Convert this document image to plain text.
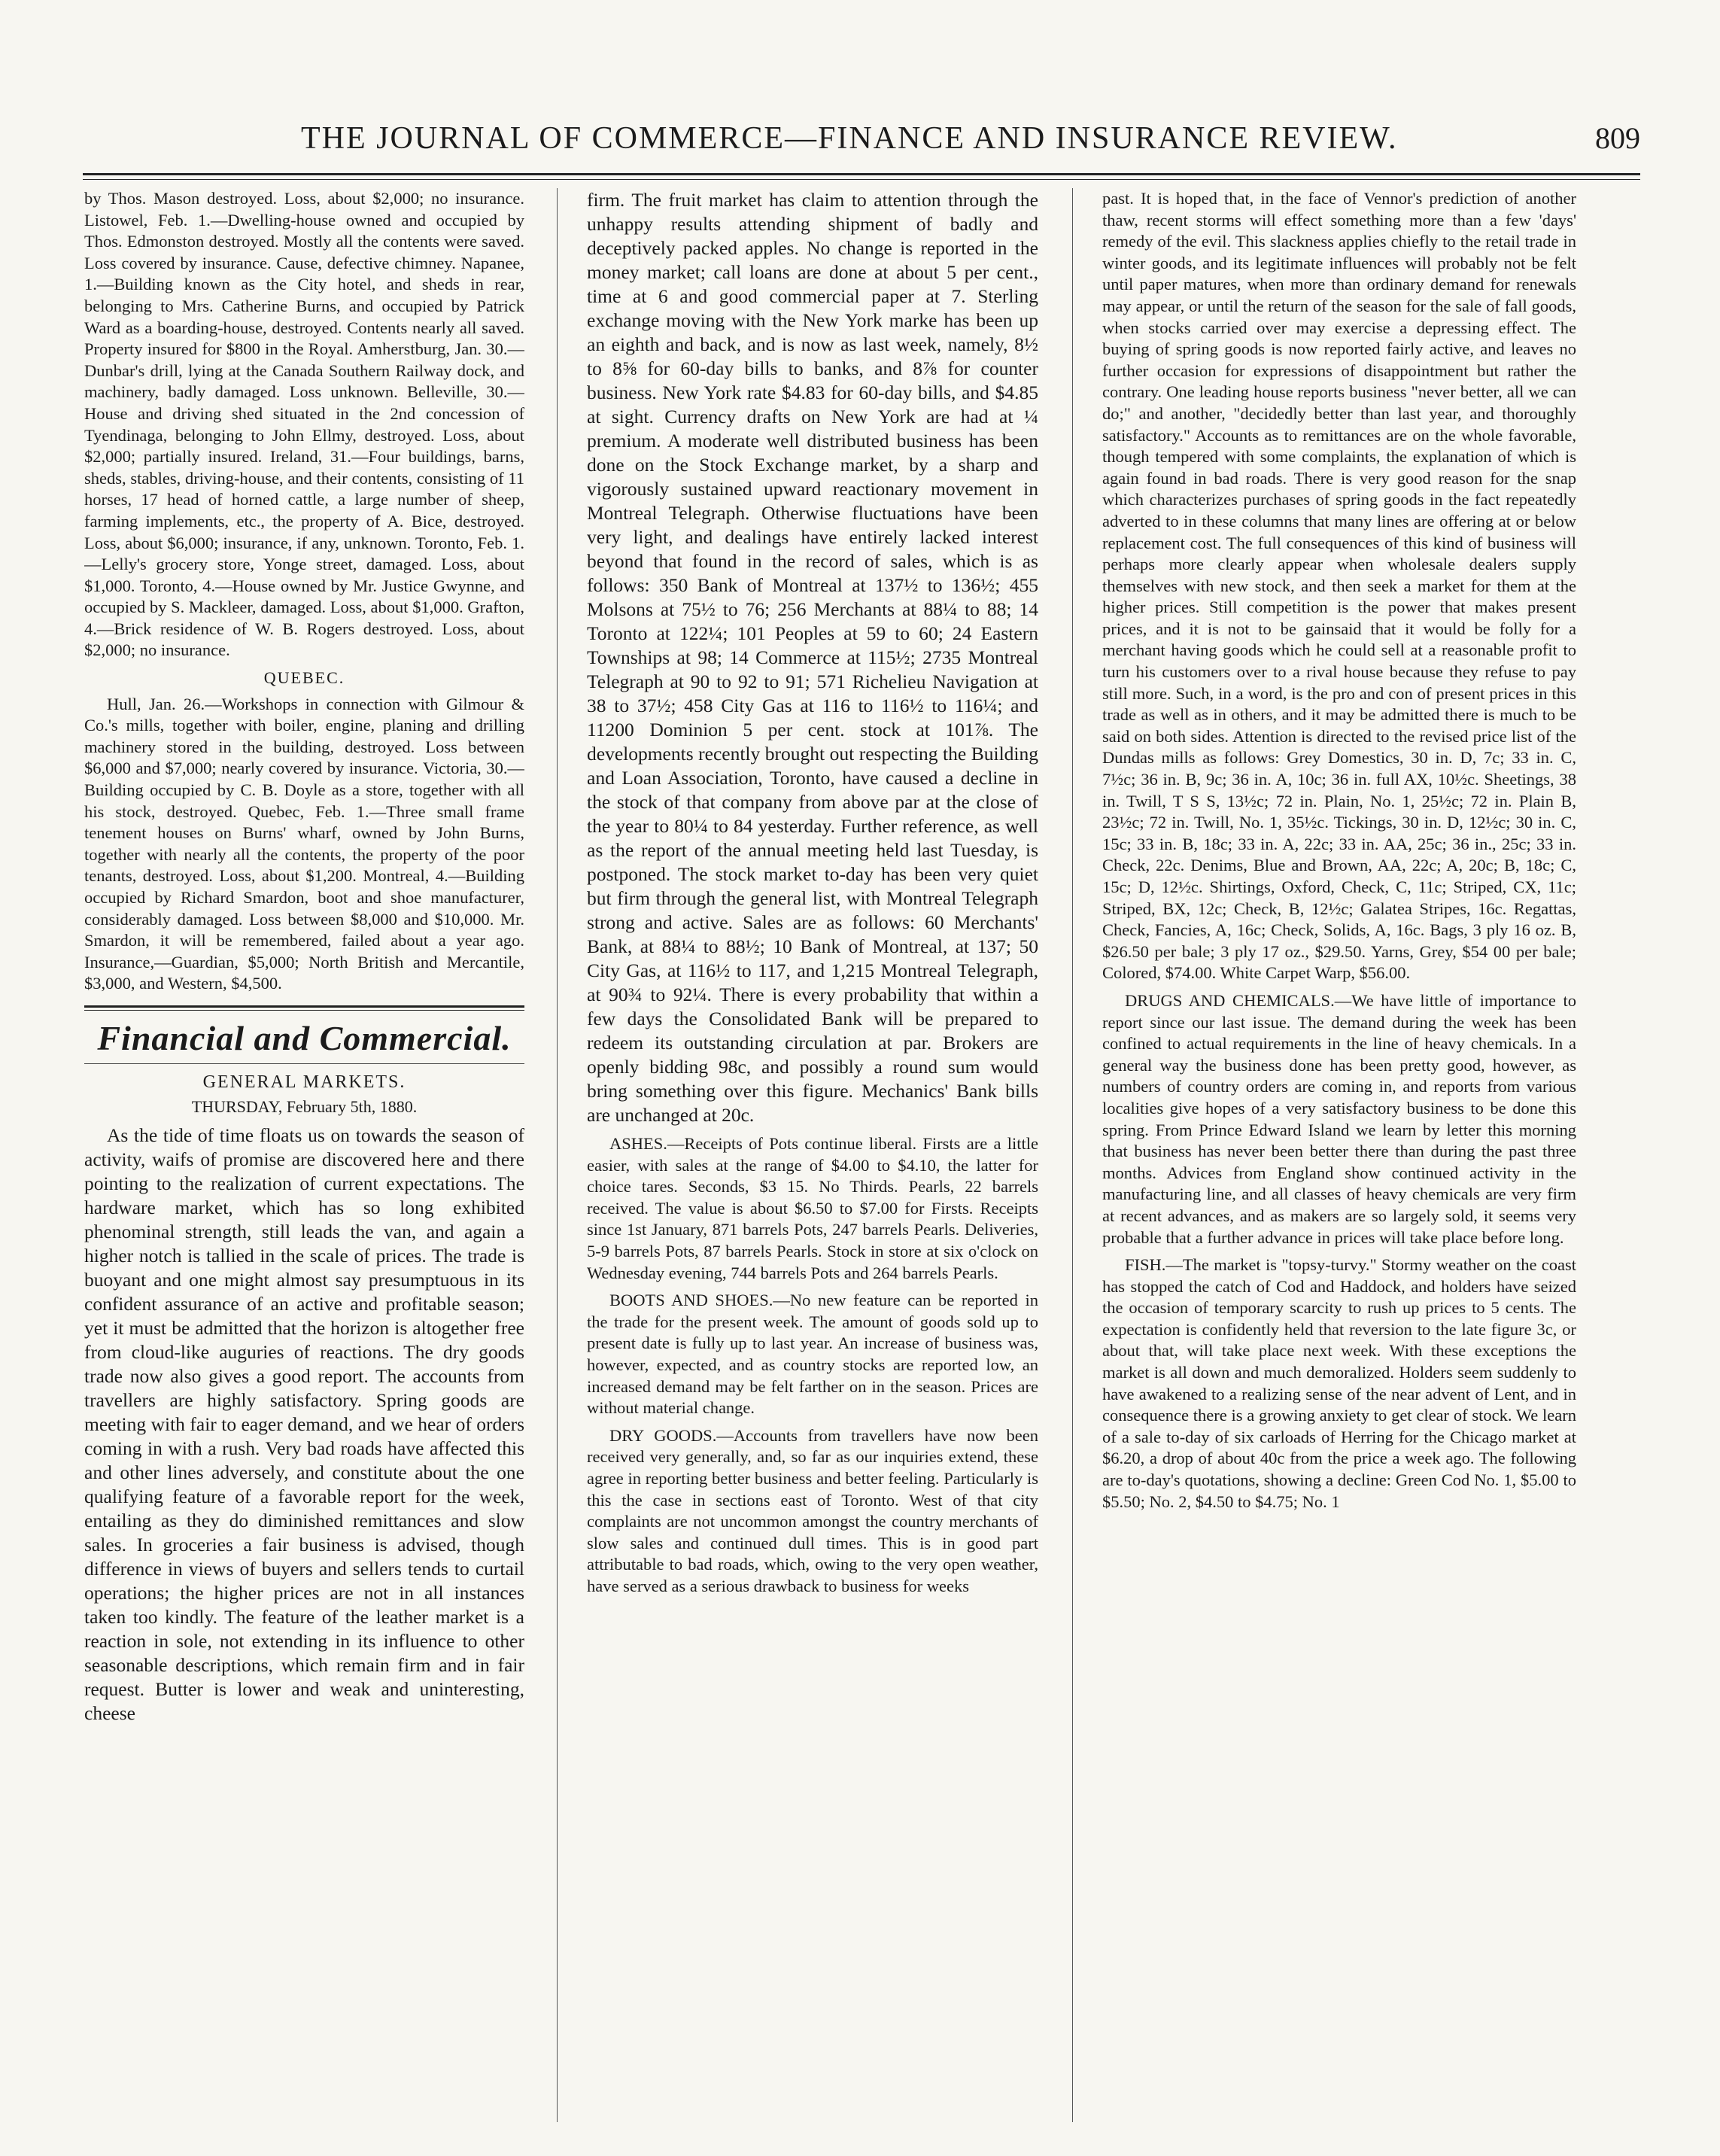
THE JOURNAL OF COMMERCE—FINANCE AND INSURANCE REVIEW.	809

by Thos. Mason destroyed. Loss, about $2,000; no insurance. Listowel, Feb. 1.—Dwelling-house owned and occupied by Thos. Edmonston destroyed. Mostly all the contents were saved. Loss covered by insurance. Cause, defective chimney. Napanee, 1.—Building known as the City hotel, and sheds in rear, belonging to Mrs. Catherine Burns, and occupied by Patrick Ward as a boarding-house, destroyed. Contents nearly all saved. Property insured for $800 in the Royal. Amherstburg, Jan. 30.—Dunbar's drill, lying at the Canada Southern Railway dock, and machinery, badly damaged. Loss unknown. Belleville, 30.—House and driving shed situated in the 2nd concession of Tyendinaga, belonging to John Ellmy, destroyed. Loss, about $2,000; partially insured. Ireland, 31.—Four buildings, barns, sheds, stables, driving-house, and their contents, consisting of 11 horses, 17 head of horned cattle, a large number of sheep, farming implements, etc., the property of A. Bice, destroyed. Loss, about $6,000; insurance, if any, unknown. Toronto, Feb. 1.—Lelly's grocery store, Yonge street, damaged. Loss, about $1,000. Toronto, 4.—House owned by Mr. Justice Gwynne, and occupied by S. Mackleer, damaged. Loss, about $1,000. Grafton, 4.—Brick residence of W. B. Rogers destroyed. Loss, about $2,000; no insurance.

QUEBEC.

Hull, Jan. 26.—Workshops in connection with Gilmour & Co.'s mills, together with boiler, engine, planing and drilling machinery stored in the building, destroyed. Loss between $6,000 and $7,000; nearly covered by insurance. Victoria, 30.—Building occupied by C. B. Doyle as a store, together with all his stock, destroyed. Quebec, Feb. 1.—Three small frame tenement houses on Burns' wharf, owned by John Burns, together with nearly all the contents, the property of the poor tenants, destroyed. Loss, about $1,200. Montreal, 4.—Building occupied by Richard Smardon, boot and shoe manufacturer, considerably damaged. Loss between $8,000 and $10,000. Mr. Smardon, it will be remembered, failed about a year ago. Insurance,—Guardian, $5,000; North British and Mercantile, $3,000, and Western, $4,500.

Financial and Commercial.
GENERAL MARKETS.
THURSDAY, February 5th, 1880.

As the tide of time floats us on towards the season of activity, waifs of promise are discovered here and there pointing to the realization of current expectations. The hardware market, which has so long exhibited phenominal strength, still leads the van, and again a higher notch is tallied in the scale of prices. The trade is buoyant and one might almost say presumptuous in its confident assurance of an active and profitable season; yet it must be admitted that the horizon is altogether free from cloud-like auguries of reactions. The dry goods trade now also gives a good report. The accounts from travellers are highly satisfactory. Spring goods are meeting with fair to eager demand, and we hear of orders coming in with a rush. Very bad roads have affected this and other lines adversely, and constitute about the one qualifying feature of a favorable report for the week, entailing as they do diminished remittances and slow sales. In groceries a fair business is advised, though difference in views of buyers and sellers tends to curtail operations; the higher prices are not in all instances taken too kindly. The feature of the leather market is a reaction in sole, not extending in its influence to other seasonable descriptions, which remain firm and in fair request. Butter is lower and weak and uninteresting, cheese

firm. The fruit market has claim to attention through the unhappy results attending shipment of badly and deceptively packed apples. No change is reported in the money market; call loans are done at about 5 per cent., time at 6 and good commercial paper at 7. Sterling exchange moving with the New York marke has been up an eighth and back, and is now as last week, namely, 8½ to 8⅝ for 60-day bills to banks, and 8⅞ for counter business. New York rate $4.83 for 60-day bills, and $4.85 at sight. Currency drafts on New York are had at ¼ premium. A moderate well distributed business has been done on the Stock Exchange market, by a sharp and vigorously sustained upward reactionary movement in Montreal Telegraph. Otherwise fluctuations have been very light, and dealings have entirely lacked interest beyond that found in the record of sales, which is as follows: 350 Bank of Montreal at 137½ to 136½; 455 Molsons at 75½ to 76; 256 Merchants at 88¼ to 88; 14 Toronto at 122¼; 101 Peoples at 59 to 60; 24 Eastern Townships at 98; 14 Commerce at 115½; 2735 Montreal Telegraph at 90 to 92 to 91; 571 Richelieu Navigation at 38 to 37½; 458 City Gas at 116 to 116½ to 116¼; and 11200 Dominion 5 per cent. stock at 101⅞. The developments recently brought out respecting the Building and Loan Association, Toronto, have caused a decline in the stock of that company from above par at the close of the year to 80¼ to 84 yesterday. Further reference, as well as the report of the annual meeting held last Tuesday, is postponed. The stock market to-day has been very quiet but firm through the general list, with Montreal Telegraph strong and active. Sales are as follows: 60 Merchants' Bank, at 88¼ to 88½; 10 Bank of Montreal, at 137; 50 City Gas, at 116½ to 117, and 1,215 Montreal Telegraph, at 90¾ to 92¼. There is every probability that within a few days the Consolidated Bank will be prepared to redeem its outstanding circulation at par. Brokers are openly bidding 98c, and possibly a round sum would bring something over this figure. Mechanics' Bank bills are unchanged at 20c.

ASHES.—Receipts of Pots continue liberal. Firsts are a little easier, with sales at the range of $4.00 to $4.10, the latter for choice tares. Seconds, $3 15. No Thirds. Pearls, 22 barrels received. The value is about $6.50 to $7.00 for Firsts. Receipts since 1st January, 871 barrels Pots, 247 barrels Pearls. Deliveries, 5-9 barrels Pots, 87 barrels Pearls. Stock in store at six o'clock on Wednesday evening, 744 barrels Pots and 264 barrels Pearls.

BOOTS AND SHOES.—No new feature can be reported in the trade for the present week. The amount of goods sold up to present date is fully up to last year. An increase of business was, however, expected, and as country stocks are reported low, an increased demand may be felt farther on in the season. Prices are without material change.

DRY GOODS.—Accounts from travellers have now been received very generally, and, so far as our inquiries extend, these agree in reporting better business and better feeling. Particularly is this the case in sections east of Toronto. West of that city complaints are not uncommon amongst the country merchants of slow sales and continued dull times. This is in good part attributable to bad roads, which, owing to the very open weather, have served as a serious drawback to business for weeks

past. It is hoped that, in the face of Vennor's prediction of another thaw, recent storms will effect something more than a few 'days' remedy of the evil. This slackness applies chiefly to the retail trade in winter goods, and its legitimate influences will probably not be felt until paper matures, when more than ordinary demand for renewals may appear, or until the return of the season for the sale of fall goods, when stocks carried over may exercise a depressing effect. The buying of spring goods is now reported fairly active, and leaves no further occasion for expressions of disappointment but rather the contrary. One leading house reports business "never better, all we can do;" and another, "decidedly better than last year, and thoroughly satisfactory." Accounts as to remittances are on the whole favorable, though tempered with some complaints, the explanation of which is again found in bad roads. There is very good reason for the snap which characterizes purchases of spring goods in the fact repeatedly adverted to in these columns that many lines are offering at or below replacement cost. The full consequences of this kind of business will perhaps more clearly appear when wholesale dealers supply themselves with new stock, and then seek a market for them at the higher prices. Still competition is the power that makes present prices, and it is not to be gainsaid that it would be folly for a merchant having goods which he could sell at a reasonable profit to turn his customers over to a rival house because they refuse to pay still more. Such, in a word, is the pro and con of present prices in this trade as well as in others, and it may be admitted there is much to be said on both sides. Attention is directed to the revised price list of the Dundas mills as follows: Grey Domestics, 30 in. D, 7c; 33 in. C, 7½c; 36 in. B, 9c; 36 in. A, 10c; 36 in. full AX, 10½c. Sheetings, 38 in. Twill, T S S, 13½c; 72 in. Plain, No. 1, 25½c; 72 in. Plain B, 23½c; 72 in. Twill, No. 1, 35½c. Tickings, 30 in. D, 12½c; 30 in. C, 15c; 33 in. B, 18c; 33 in. A, 22c; 33 in. AA, 25c; 36 in., 25c; 33 in. Check, 22c. Denims, Blue and Brown, AA, 22c; A, 20c; B, 18c; C, 15c; D, 12½c. Shirtings, Oxford, Check, C, 11c; Striped, CX, 11c; Striped, BX, 12c; Check, B, 12½c; Galatea Stripes, 16c. Regattas, Check, Fancies, A, 16c; Check, Solids, A, 16c. Bags, 3 ply 16 oz. B, $26.50 per bale; 3 ply 17 oz., $29.50. Yarns, Grey, $54 00 per bale; Colored, $74.00. White Carpet Warp, $56.00.

DRUGS AND CHEMICALS.—We have little of importance to report since our last issue. The demand during the week has been confined to actual requirements in the line of heavy chemicals. In a general way the business done has been pretty good, however, as numbers of country orders are coming in, and reports from various localities give hopes of a very satisfactory business to be done this spring. From Prince Edward Island we learn by letter this morning that business has never been better there than during the past three months. Advices from England show continued activity in the manufacturing line, and all classes of heavy chemicals are very firm at recent advances, and as makers are so largely sold, it seems very probable that a further advance in prices will take place before long.

FISH.—The market is "topsy-turvy." Stormy weather on the coast has stopped the catch of Cod and Haddock, and holders have seized the occasion of temporary scarcity to rush up prices to 5 cents. The expectation is confidently held that reversion to the late figure 3c, or about that, will take place next week. With these exceptions the market is all down and much demoralized. Holders seem suddenly to have awakened to a realizing sense of the near advent of Lent, and in consequence there is a growing anxiety to get clear of stock. We learn of a sale to-day of six carloads of Herring for the Chicago market at $6.20, a drop of about 40c from the price a week ago. The following are to-day's quotations, showing a decline: Green Cod No. 1, $5.00 to $5.50; No. 2, $4.50 to $4.75; No. 1
